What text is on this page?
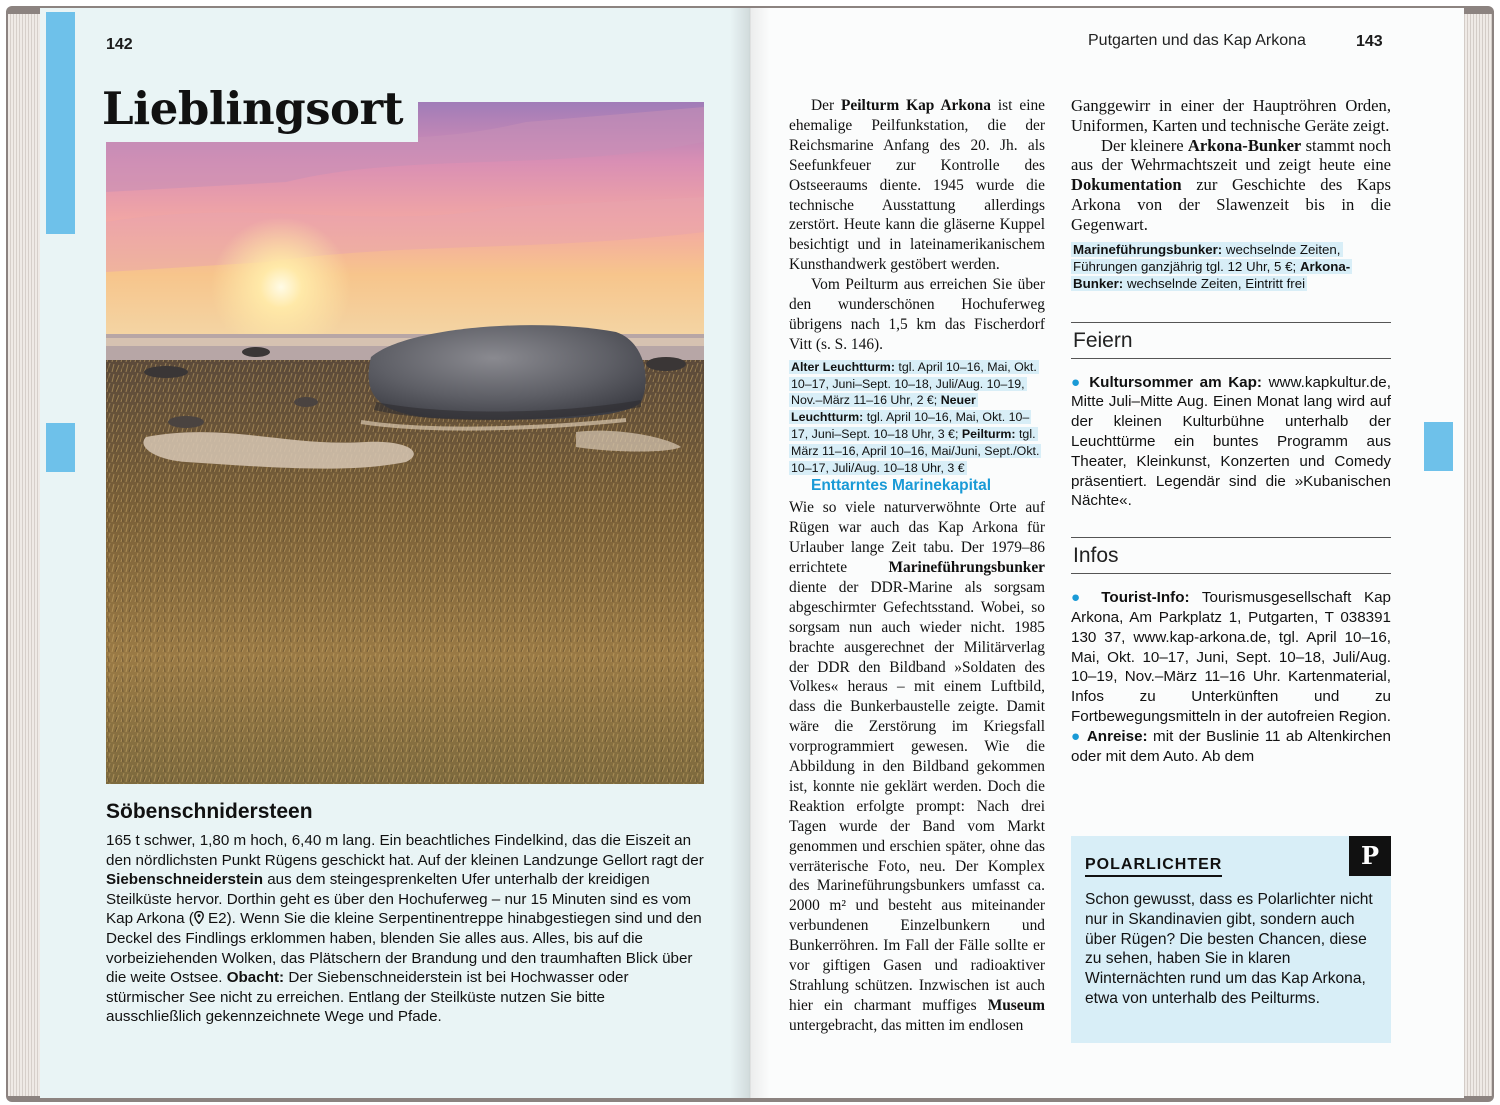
142
Lieblingsort
Söbenschnidersteen

165 t schwer, 1,80 m hoch, 6,40 m lang. Ein beachtliches Findelkind, das die Eiszeit an den nördlichsten Punkt Rügens geschickt hat. Auf der kleinen Landzunge Gellort ragt der Siebenschneiderstein aus dem steingesprenkelten Ufer unterhalb der kreidigen Steilküste hervor. Dorthin geht es über den Hochuferweg – nur 15 Minuten sind es vom Kap Arkona ( E2). Wenn Sie die kleine Serpentinentreppe hinabgestiegen sind und den Deckel des Findlings erklommen haben, blenden Sie alles aus. Alles, bis auf die vorbeiziehenden Wolken, das Plätschern der Brandung und den traumhaften Blick über die weite Ostsee. Obacht: Der Siebenschneiderstein ist bei Hochwasser oder stürmischer See nicht zu erreichen. Entlang der Steilküste nutzen Sie bitte ausschließlich gekennzeichnete Wege und Pfade.

Putgarten und das Kap Arkona	143

Der Peilturm Kap Arkona ist eine ehemalige Peilfunkstation, die der Reichsmarine Anfang des 20. Jh. als Seefunkfeuer zur Kontrolle des Ostseeraums diente. 1945 wurde die technische Ausstattung allerdings zerstört. Heute kann die gläserne Kuppel besichtigt und in lateinamerikanischem Kunsthandwerk gestöbert werden.

Vom Peilturm aus erreichen Sie über den wunderschönen Hochuferweg übrigens nach 1,5 km das Fischerdorf Vitt (s. S. 146).

Alter Leuchtturm: tgl. April 10–16, Mai, Okt. 10–17, Juni–Sept. 10–18, Juli/Aug. 10–19, Nov.–März 11–16 Uhr, 2 €; Neuer Leuchtturm: tgl. April 10–16, Mai, Okt. 10–17, Juni–Sept. 10–18 Uhr, 3 €; Peilturm: tgl. März 11–16, April 10–16, Mai/Juni, Sept./Okt. 10–17, Juli/Aug. 10–18 Uhr, 3 €

Enttarntes Marinekapital

Wie so viele naturverwöhnte Orte auf Rügen war auch das Kap Arkona für Urlauber lange Zeit tabu. Der 1979–86 errichtete Marineführungsbunker diente der DDR-Marine als sorgsam abgeschirmter Gefechtsstand. Wobei, so sorgsam nun auch wieder nicht. 1985 brachte ausgerechnet der Militärverlag der DDR den Bildband »Soldaten des Volkes« heraus – mit einem Luftbild, dass die Bunkerbaustelle zeigte. Damit wäre die Zerstörung im Kriegsfall vorprogrammiert gewesen. Wie die Abbildung in den Bildband gekommen ist, konnte nie geklärt werden. Doch die Reaktion erfolgte prompt: Nach drei Tagen wurde der Band vom Markt genommen und erschien später, ohne das verräterische Foto, neu. Der Komplex des Marineführungsbunkers umfasst ca. 2000 m² und besteht aus miteinander verbundenen Einzelbunkern und Bunkerröhren. Im Fall der Fälle sollte er vor giftigen Gasen und radioaktiver Strahlung schützen. Inzwischen ist auch hier ein charmant muffiges Museum untergebracht, das mitten im endlosen

Ganggewirr in einer der Hauptröhren Orden, Uniformen, Karten und technische Geräte zeigt.

Der kleinere Arkona-Bunker stammt noch aus der Wehrmachtszeit und zeigt heute eine Dokumentation zur Geschichte des Kaps Arkona von der Slawenzeit bis in die Gegenwart.

Marineführungsbunker: wechselnde Zeiten, Führungen ganzjährig tgl. 12 Uhr, 5 €; Arkona-Bunker: wechselnde Zeiten, Eintritt frei

Feiern

● Kultursommer am Kap: www.kapkultur.de, Mitte Juli–Mitte Aug. Einen Monat lang wird auf der kleinen Kulturbühne unterhalb der Leuchttürme ein buntes Programm aus Theater, Kleinkunst, Konzerten und Comedy präsentiert. Legendär sind die »Kubanischen Nächte«.

Infos

● Tourist-Info: Tourismusgesellschaft Kap Arkona, Am Parkplatz 1, Putgarten, T 038391 130 37, www.kap-arkona.de, tgl. April 10–16, Mai, Okt. 10–17, Juni, Sept. 10–18, Juli/Aug. 10–19, Nov.–März 11–16 Uhr. Kartenmaterial, Infos zu Unterkünften und zu Fortbewegungsmitteln in der autofreien Region.

● Anreise: mit der Buslinie 11 ab Altenkirchen oder mit dem Auto. Ab dem

P
POLARLICHTER

Schon gewusst, dass es Polarlichter nicht nur in Skandinavien gibt, sondern auch über Rügen? Die besten Chancen, diese zu sehen, haben Sie in klaren Winternächten rund um das Kap Arkona, etwa von unterhalb des Peilturms.
